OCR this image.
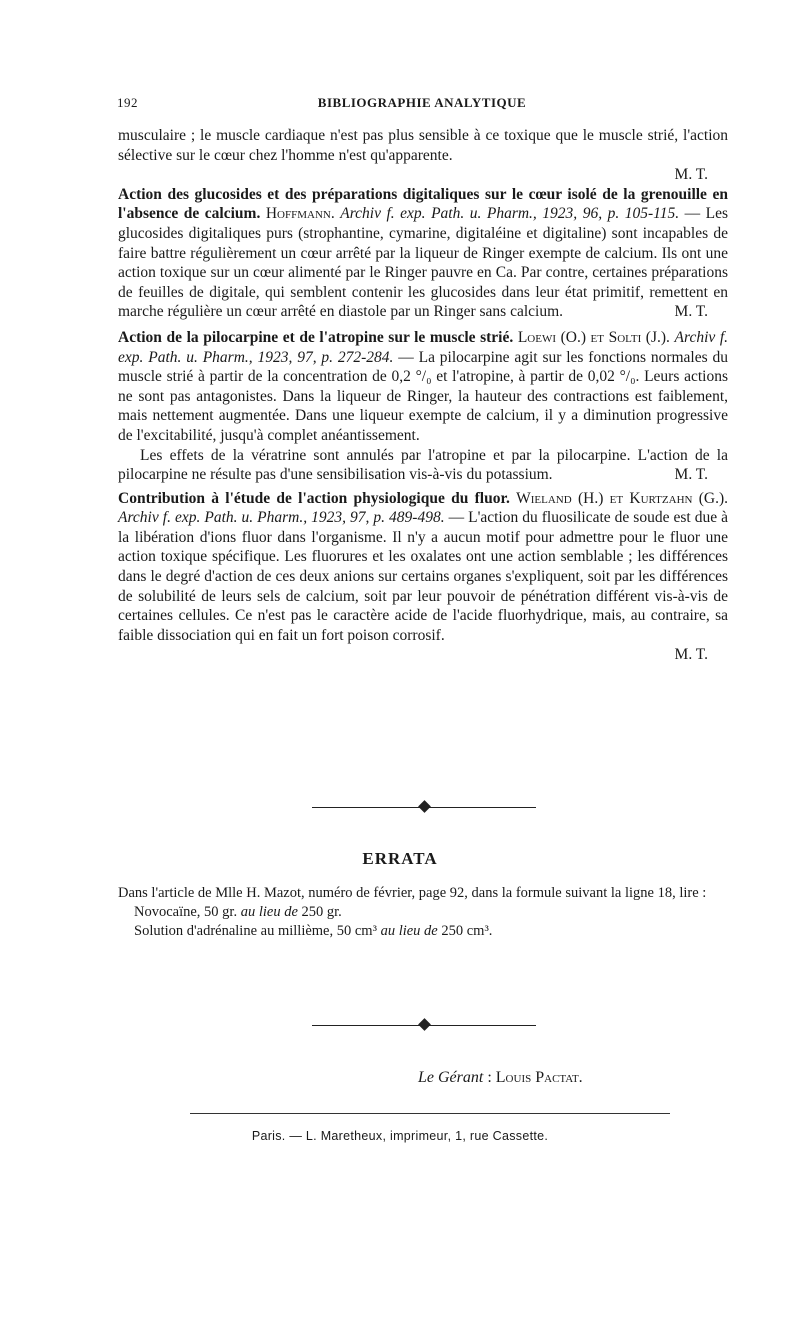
192	BIBLIOGRAPHIE ANALYTIQUE

musculaire ; le muscle cardiaque n'est pas plus sensible à ce toxique que le muscle strié, l'action sélective sur le cœur chez l'homme n'est qu'apparente.

M. T.

Action des glucosides et des préparations digitaliques sur le cœur isolé de la grenouille en l'absence de calcium. Hoffmann. Archiv f. exp. Path. u. Pharm., 1923, 96, p. 105-115. — Les glucosides digitaliques purs (strophantine, cymarine, digitaléine et digitaline) sont incapables de faire battre régulièrement un cœur arrêté par la liqueur de Ringer exempte de calcium. Ils ont une action toxique sur un cœur alimenté par le Ringer pauvre en Ca. Par contre, certaines préparations de feuilles de digitale, qui semblent contenir les glucosides dans leur état primitif, remettent en marche régulière un cœur arrêté en diastole par un Ringer sans calcium.	M. T.

Action de la pilocarpine et de l'atropine sur le muscle strié. Loewi (O.) et Solti (J.). Archiv f. exp. Path. u. Pharm., 1923, 97, p. 272-284. — La pilocarpine agit sur les fonctions normales du muscle strié à partir de la concentration de 0,2 °/₀ et l'atropine, à partir de 0,02 °/₀. Leurs actions ne sont pas antagonistes. Dans la liqueur de Ringer, la hauteur des contractions est faiblement, mais nettement augmentée. Dans une liqueur exempte de calcium, il y a diminution progressive de l'excitabilité, jusqu'à complet anéantissement.

Les effets de la vératrine sont annulés par l'atropine et par la pilocarpine. L'action de la pilocarpine ne résulte pas d'une sensibilisation vis-à-vis du potassium.	M. T.

Contribution à l'étude de l'action physiologique du fluor. Wieland (H.) et Kurtzahn (G.). Archiv f. exp. Path. u. Pharm., 1923, 97, p. 489-498. — L'action du fluosilicate de soude est due à la libération d'ions fluor dans l'organisme. Il n'y a aucun motif pour admettre pour le fluor une action toxique spécifique. Les fluorures et les oxalates ont une action semblable ; les différences dans le degré d'action de ces deux anions sur certains organes s'expliquent, soit par les différences de solubilité de leurs sels de calcium, soit par leur pouvoir de pénétration différent vis-à-vis de certaines cellules. Ce n'est pas le caractère acide de l'acide fluorhydrique, mais, au contraire, sa faible dissociation qui en fait un fort poison corrosif.

M. T.

ERRATA

Dans l'article de Mlle H. Mazot, numéro de février, page 92, dans la formule suivant la ligne 18, lire :

Novocaïne, 50 gr. au lieu de 250 gr.

Solution d'adrénaline au millième, 50 cm³ au lieu de 250 cm³.

Le Gérant : Louis Pactat.
Paris. — L. Maretheux, imprimeur, 1, rue Cassette.
